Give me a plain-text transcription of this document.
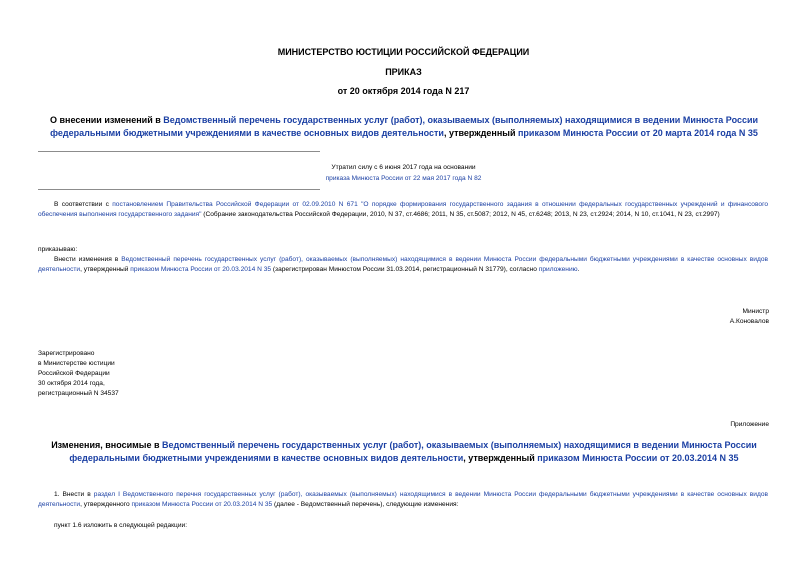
МИНИСТЕРСТВО ЮСТИЦИИ РОССИЙСКОЙ ФЕДЕРАЦИИ
ПРИКАЗ
от 20 октября 2014 года N 217
О внесении изменений в Ведомственный перечень государственных услуг (работ), оказываемых (выполняемых) находящимися в ведении Минюста России федеральными бюджетными учреждениями в качестве основных видов деятельности, утвержденный приказом Минюста России от 20 марта 2014 года N 35
Утратил силу с 6 июня 2017 года на основании
приказа Минюста России от 22 мая 2017 года N 82
В соответствии с постановлением Правительства Российской Федерации от 02.09.2010 N 671 "О порядке формирования государственного задания в отношении федеральных государственных учреждений и финансового обеспечения выполнения государственного задания" (Собрание законодательства Российской Федерации, 2010, N 37, ст.4686; 2011, N 35, ст.5087; 2012, N 45, ст.6248; 2013, N 23, ст.2924; 2014, N 10, ст.1041, N 23, ст.2997)
приказываю:
Внести изменения в Ведомственный перечень государственных услуг (работ), оказываемых (выполняемых) находящимися в ведении Минюста России федеральными бюджетными учреждениями в качестве основных видов деятельности, утвержденный приказом Минюста России от 20.03.2014 N 35 (зарегистрирован Минюстом России 31.03.2014, регистрационный N 31779), согласно приложению.
Министр
А.Коновалов
Зарегистрировано
в Министерстве юстиции
Российской Федерации
30 октября 2014 года,
регистрационный N 34537
Приложение
Изменения, вносимые в Ведомственный перечень государственных услуг (работ), оказываемых (выполняемых) находящимися в ведении Минюста России федеральными бюджетными учреждениями в качестве основных видов деятельности, утвержденный приказом Минюста России от 20.03.2014 N 35
1. Внести в раздел I Ведомственного перечня государственных услуг (работ), оказываемых (выполняемых) находящимися в ведении Минюста России федеральными бюджетными учреждениями в качестве основных видов деятельности, утвержденного приказом Минюста России от 20.03.2014 N 35 (далее - Ведомственный перечень), следующие изменения:
пункт 1.6 изложить в следующей редакции:
